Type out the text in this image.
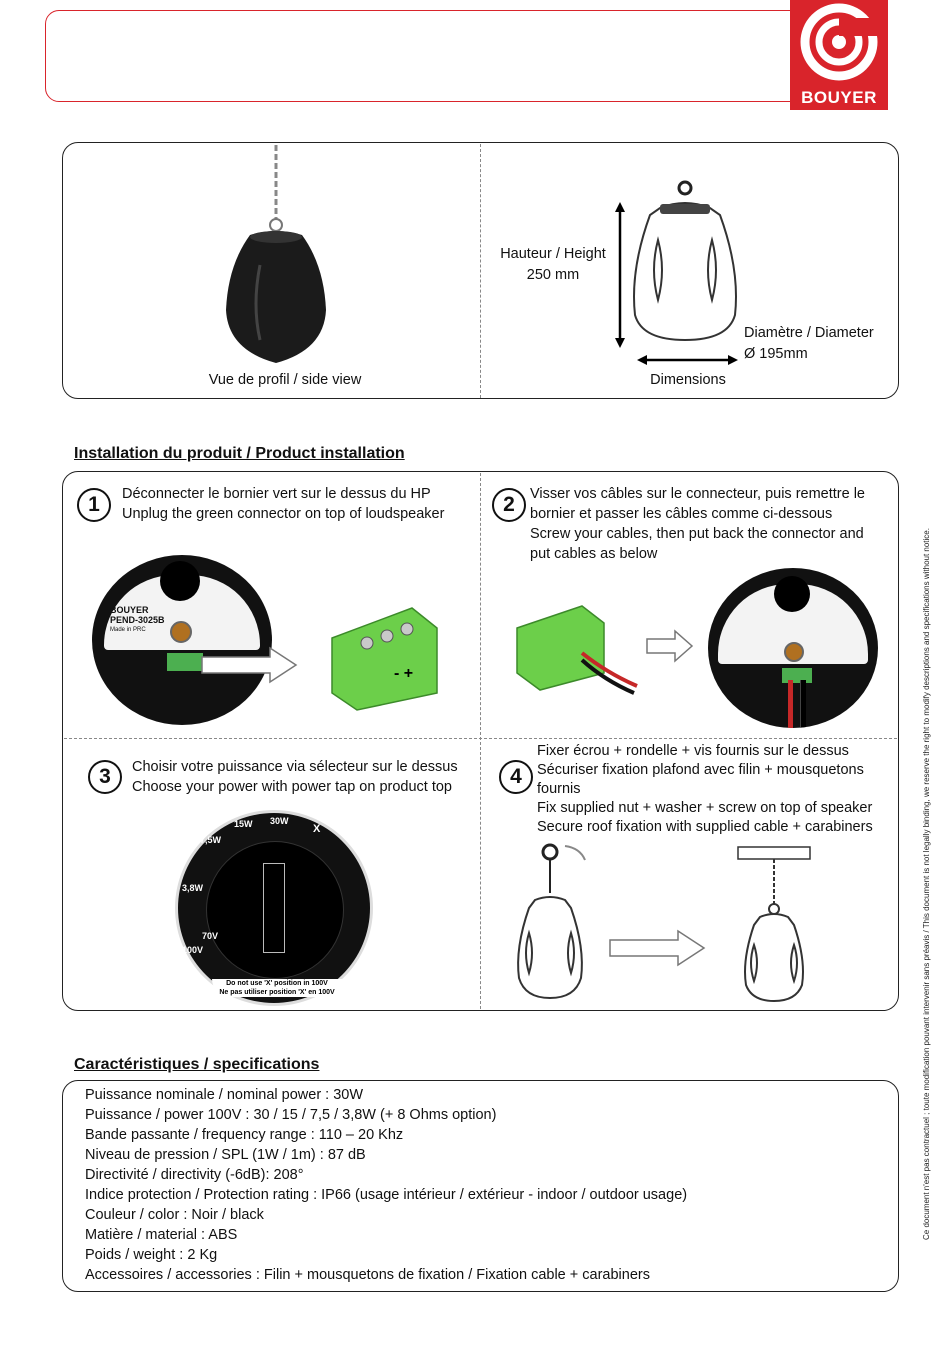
BOUYER
Vue de profil / side view
Hauteur / Height
250 mm
Diamètre / Diameter
Ø 195mm
Dimensions
Installation du produit / Product installation
1	Déconnecter le bornier vert sur le dessus du HP
Unplug the green connector on top of loudspeaker
BOUYER
PEND-3025B
Made in PRC
- +
2	Visser vos câbles sur le connecteur, puis remettre le
bornier et passer les câbles comme ci-dessous
Screw your cables, then put back the connector and
put cables as below
3	Choisir votre puissance via sélecteur sur le dessus
Choose your power with power tap on product top
15W 30W
7,5W
3,8W
X
100V
70V
Do not use 'X' position in 100V
Ne pas utiliser position 'X' en 100V
4
Fixer écrou + rondelle + vis fournis sur le dessus
Sécuriser fixation plafond avec filin + mousquetons
fournis
Fix supplied nut + washer + screw on top of speaker
Secure roof fixation with supplied cable + carabiners
Caractéristiques / specifications
Puissance nominale / nominal power : 30W
Puissance / power 100V : 30 / 15 / 7,5 / 3,8W (+ 8 Ohms option)
Bande passante / frequency range : 110 – 20 Khz
Niveau de pression / SPL (1W / 1m) : 87 dB
Directivité / directivity (-6dB): 208°
Indice protection / Protection rating : IP66 (usage intérieur / extérieur - indoor / outdoor usage)
Couleur / color : Noir / black
Matière / material : ABS
Poids / weight : 2 Kg
Accessoires / accessories : Filin + mousquetons de fixation / Fixation cable + carabiners
Ce document n'est pas contractuel ; toute modification pouvant intervenir sans préavis / This document is not legally binding, we reserve the right to modify descriptions and specifications without notice.
